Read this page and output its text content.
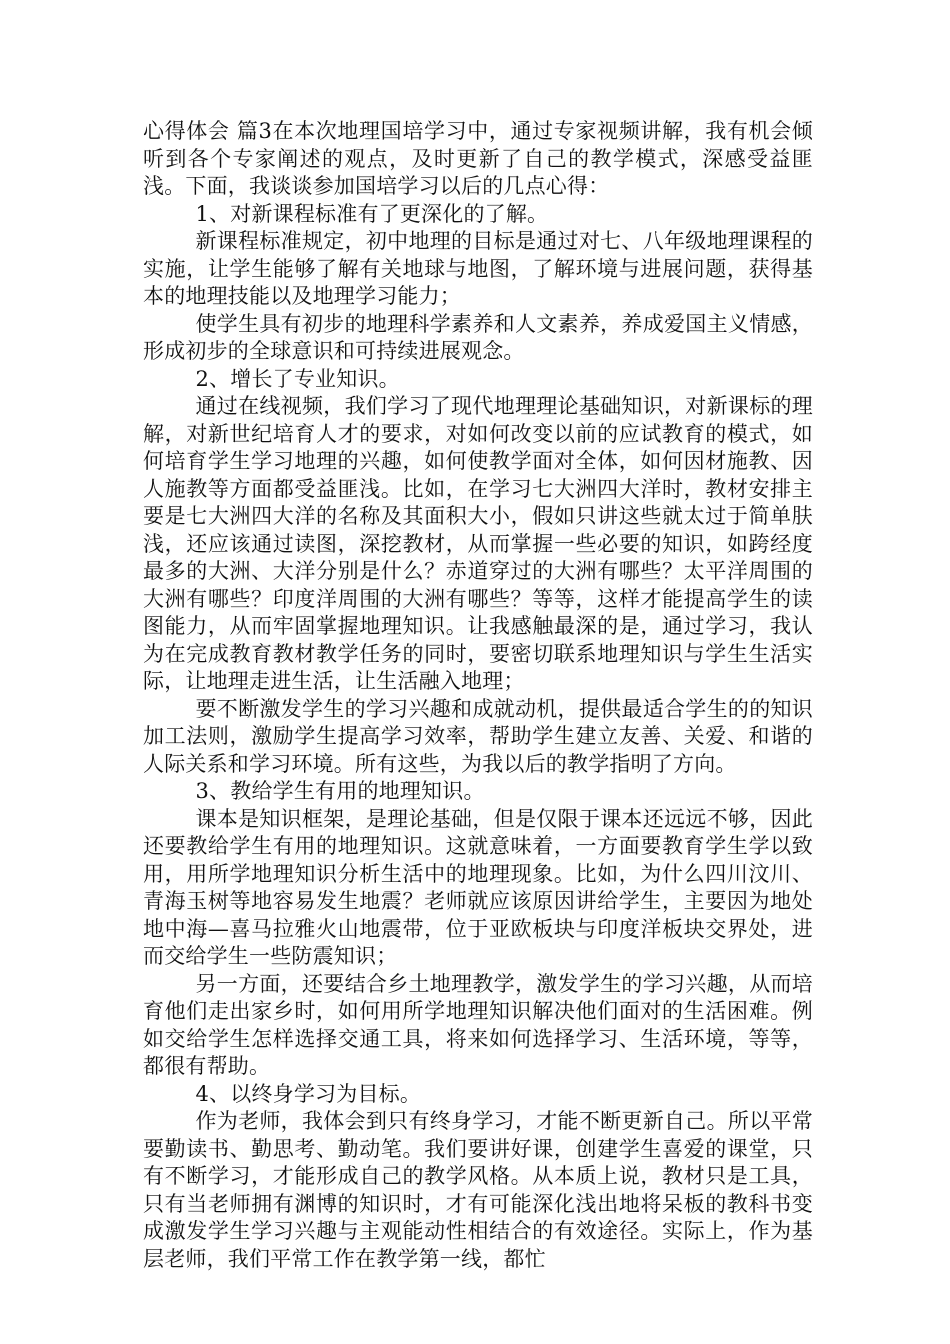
心得体会 篇3在本次地理国培学习中，通过专家视频讲解，我有机会倾听到各个专家阐述的观点，及时更新了自己的教学模式，深感受益匪浅。下面，我谈谈参加国培学习以后的几点心得：

1、对新课程标准有了更深化的了解。

新课程标准规定，初中地理的目标是通过对七、八年级地理课程的实施，让学生能够了解有关地球与地图，了解环境与进展问题，获得基本的地理技能以及地理学习能力；

使学生具有初步的地理科学素养和人文素养，养成爱国主义情感，形成初步的全球意识和可持续进展观念。

2、增长了专业知识。

通过在线视频，我们学习了现代地理理论基础知识，对新课标的理解，对新世纪培育人才的要求，对如何改变以前的应试教育的模式，如何培育学生学习地理的兴趣，如何使教学面对全体，如何因材施教、因人施教等方面都受益匪浅。比如，在学习七大洲四大洋时，教材安排主要是七大洲四大洋的名称及其面积大小，假如只讲这些就太过于简单肤浅，还应该通过读图，深挖教材，从而掌握一些必要的知识，如跨经度最多的大洲、大洋分别是什么？赤道穿过的大洲有哪些？太平洋周围的大洲有哪些？印度洋周围的大洲有哪些？等等，这样才能提高学生的读图能力，从而牢固掌握地理知识。让我感触最深的是，通过学习，我认为在完成教育教材教学任务的同时，要密切联系地理知识与学生生活实际，让地理走进生活，让生活融入地理；

要不断激发学生的学习兴趣和成就动机，提供最适合学生的的知识加工法则，激励学生提高学习效率，帮助学生建立友善、关爱、和谐的人际关系和学习环境。所有这些，为我以后的教学指明了方向。

3、教给学生有用的地理知识。

课本是知识框架，是理论基础，但是仅限于课本还远远不够，因此还要教给学生有用的地理知识。这就意味着，一方面要教育学生学以致用，用所学地理知识分析生活中的地理现象。比如，为什么四川汶川、青海玉树等地容易发生地震？老师就应该原因讲给学生，主要因为地处地中海—喜马拉雅火山地震带，位于亚欧板块与印度洋板块交界处，进而交给学生一些防震知识；

另一方面，还要结合乡土地理教学，激发学生的学习兴趣，从而培育他们走出家乡时，如何用所学地理知识解决他们面对的生活困难。例如交给学生怎样选择交通工具，将来如何选择学习、生活环境，等等，都很有帮助。

4、以终身学习为目标。

作为老师，我体会到只有终身学习，才能不断更新自己。所以平常要勤读书、勤思考、勤动笔。我们要讲好课，创建学生喜爱的课堂，只有不断学习，才能形成自己的教学风格。从本质上说，教材只是工具，只有当老师拥有渊博的知识时，才有可能深化浅出地将呆板的教科书变成激发学生学习兴趣与主观能动性相结合的有效途径。实际上，作为基层老师，我们平常工作在教学第一线，都忙
